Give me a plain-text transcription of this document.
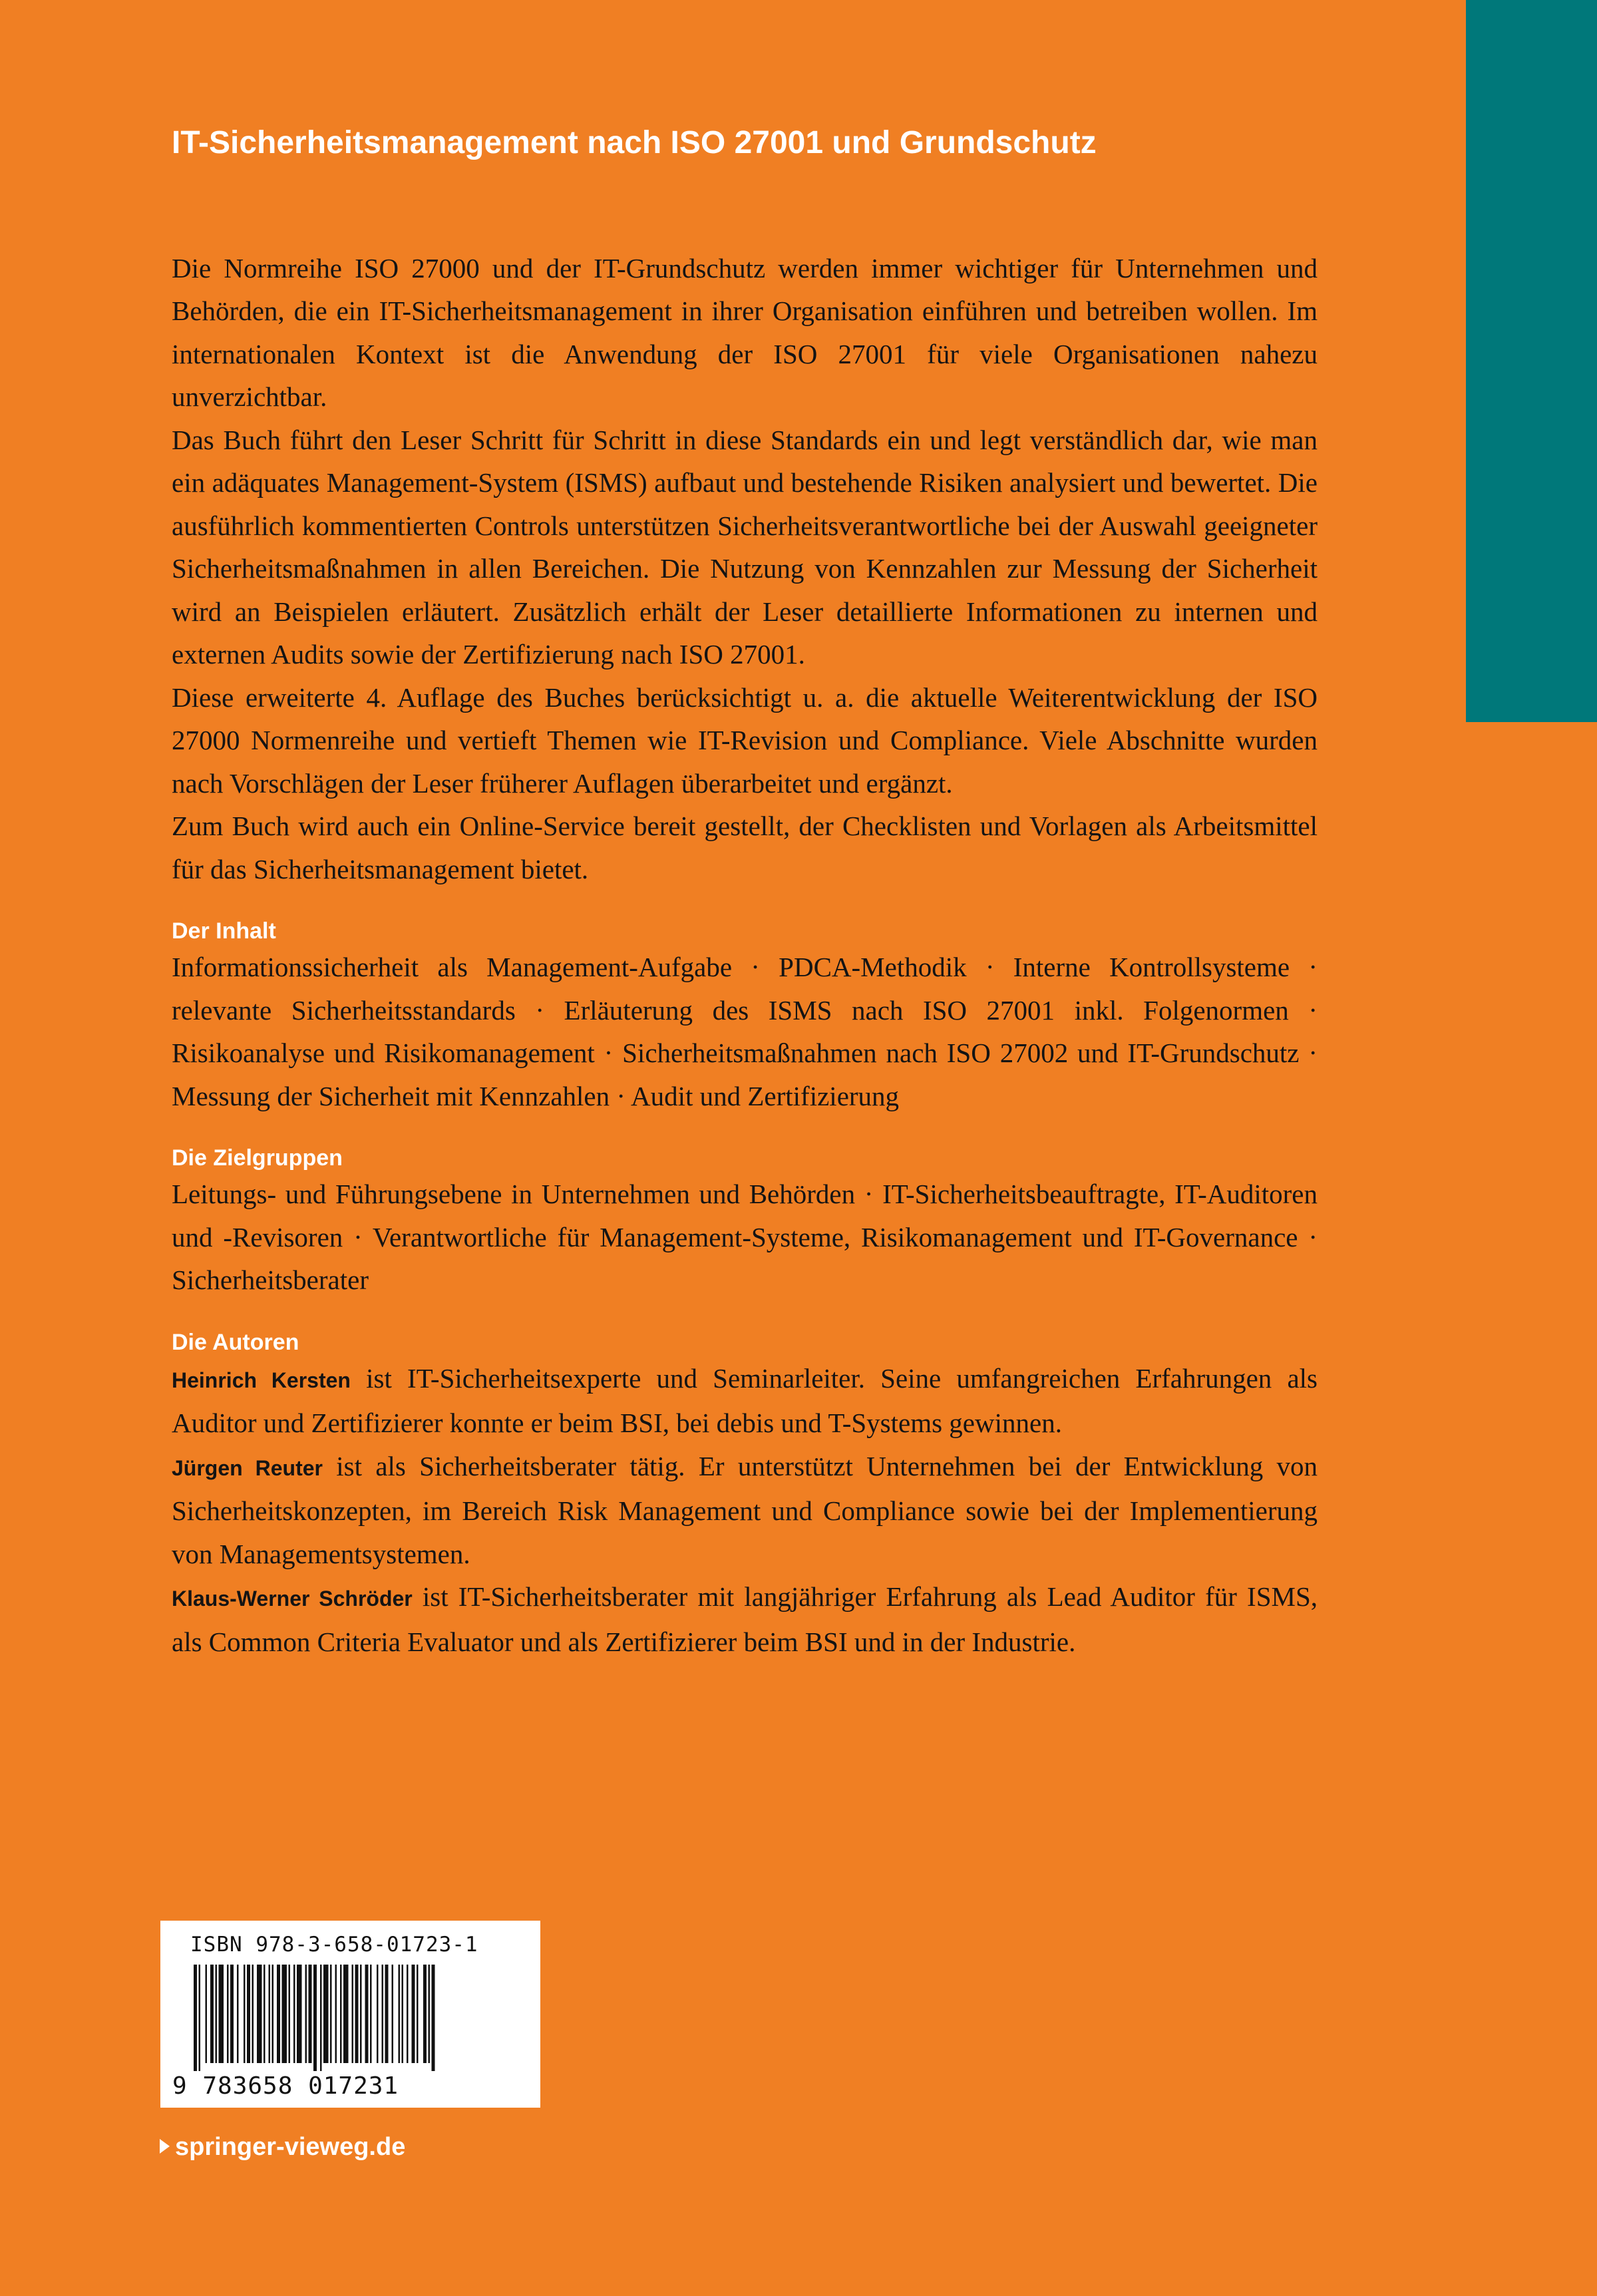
IT-Sicherheitsmanagement nach ISO 27001 und Grundschutz

Die Normreihe ISO 27000 und der IT-Grundschutz werden immer wichtiger für Unternehmen und Behörden, die ein IT-Sicherheitsmanagement in ihrer Organisation einführen und betreiben wollen. Im internationalen Kontext ist die Anwendung der ISO 27001 für viele Organisationen nahezu unverzichtbar.

Das Buch führt den Leser Schritt für Schritt in diese Standards ein und legt verständlich dar, wie man ein adäquates Management-System (ISMS) aufbaut und bestehende Risiken analysiert und bewertet. Die ausführlich kommentierten Controls unterstützen Sicherheitsverantwortliche bei der Auswahl geeigneter Sicherheitsmaßnahmen in allen Bereichen. Die Nutzung von Kennzahlen zur Messung der Sicherheit wird an Beispielen erläutert. Zusätzlich erhält der Leser detaillierte Informationen zu internen und externen Audits sowie der Zertifizierung nach ISO 27001.

Diese erweiterte 4. Auflage des Buches berücksichtigt u. a. die aktuelle Weiterentwicklung der ISO 27000 Normenreihe und vertieft Themen wie IT-Revision und Compliance. Viele Abschnitte wurden nach Vorschlägen der Leser früherer Auflagen überarbeitet und ergänzt.

Zum Buch wird auch ein Online-Service bereit gestellt, der Checklisten und Vorlagen als Arbeitsmittel für das Sicherheitsmanagement bietet.

Der Inhalt

Informationssicherheit als Management-Aufgabe · PDCA-Methodik · Interne Kontrollsysteme · relevante Sicherheitsstandards · Erläuterung des ISMS nach ISO 27001 inkl. Folgenormen · Risikoanalyse und Risikomanagement · Sicherheitsmaßnahmen nach ISO 27002 und IT-Grundschutz · Messung der Sicherheit mit Kennzahlen · Audit und Zertifizierung

Die Zielgruppen

Leitungs- und Führungsebene in Unternehmen und Behörden · IT-Sicherheitsbeauftragte, IT-Auditoren und -Revisoren · Verantwortliche für Management-Systeme, Risikomanagement und IT-Governance · Sicherheitsberater

Die Autoren

Heinrich Kersten ist IT-Sicherheitsexperte und Seminarleiter. Seine umfangreichen Erfahrungen als Auditor und Zertifizierer konnte er beim BSI, bei debis und T-Systems gewinnen.

Jürgen Reuter ist als Sicherheitsberater tätig. Er unterstützt Unternehmen bei der Entwicklung von Sicherheitskonzepten, im Bereich Risk Management und Compliance sowie bei der Implementierung von Managementsystemen.

Klaus-Werner Schröder ist IT-Sicherheitsberater mit langjähriger Erfahrung als Lead Auditor für ISMS, als Common Criteria Evaluator und als Zertifizierer beim BSI und in der Industrie.

ISBN 978-3-658-01723-1
9 783658 017231
springer-vieweg.de
